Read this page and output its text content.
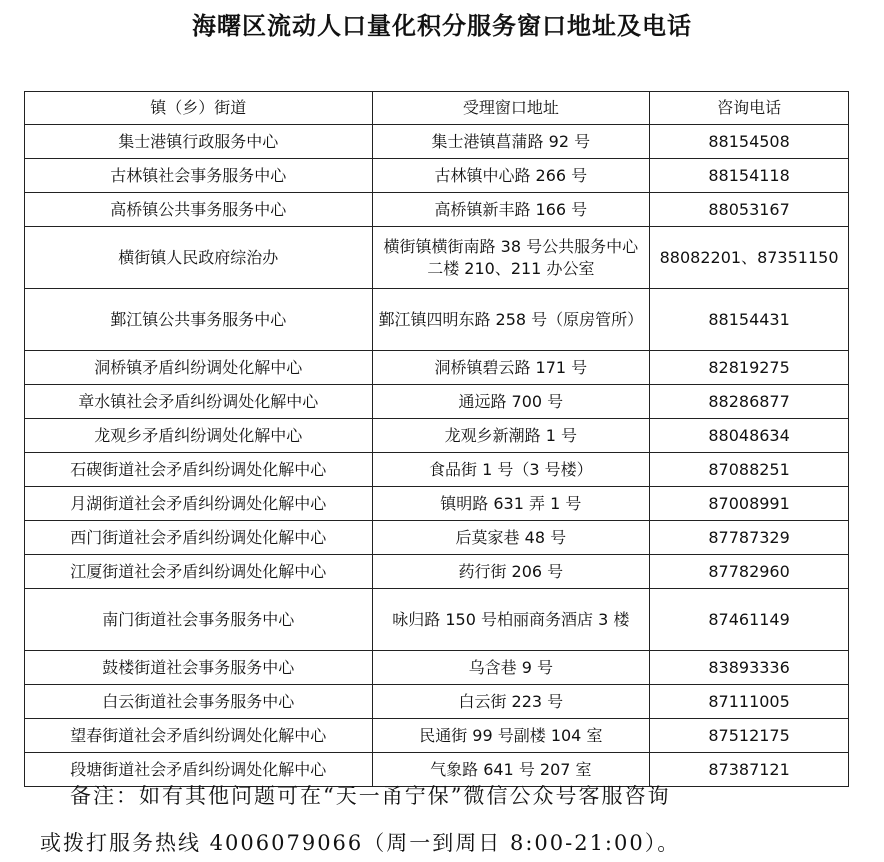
海曙区流动人口量化积分服务窗口地址及电话
镇（乡）街道	受理窗口地址	咨询电话
集士港镇行政服务中心	集士港镇菖蒲路 92 号	88154508
古林镇社会事务服务中心	古林镇中心路 266 号	88154118
高桥镇公共事务服务中心	高桥镇新丰路 166 号	88053167
横街镇人民政府综治办	横街镇横街南路 38 号公共服务中心二楼 210、211 办公室	88082201、87351150
鄞江镇公共事务服务中心	鄞江镇四明东路 258 号（原房管所）	88154431
洞桥镇矛盾纠纷调处化解中心	洞桥镇碧云路 171 号	82819275
章水镇社会矛盾纠纷调处化解中心	通远路 700 号	88286877
龙观乡矛盾纠纷调处化解中心	龙观乡新潮路 1 号	88048634
石碶街道社会矛盾纠纷调处化解中心	食品街 1 号（3 号楼）	87088251
月湖街道社会矛盾纠纷调处化解中心	镇明路 631 弄 1 号	87008991
西门街道社会矛盾纠纷调处化解中心	后莫家巷 48 号	87787329
江厦街道社会矛盾纠纷调处化解中心	药行街 206 号	87782960
南门街道社会事务服务中心	咏归路 150 号柏丽商务酒店 3 楼	87461149
鼓楼街道社会事务服务中心	乌含巷 9 号	83893336
白云街道社会事务服务中心	白云街 223 号	87111005
望春街道社会矛盾纠纷调处化解中心	民通街 99 号副楼 104 室	87512175
段塘街道社会矛盾纠纷调处化解中心	气象路 641 号 207 室	87387121
备注：如有其他问题可在“天一甬宁保”微信公众号客服咨询
或拨打服务热线 4006079066（周一到周日 8:00-21:00）。
